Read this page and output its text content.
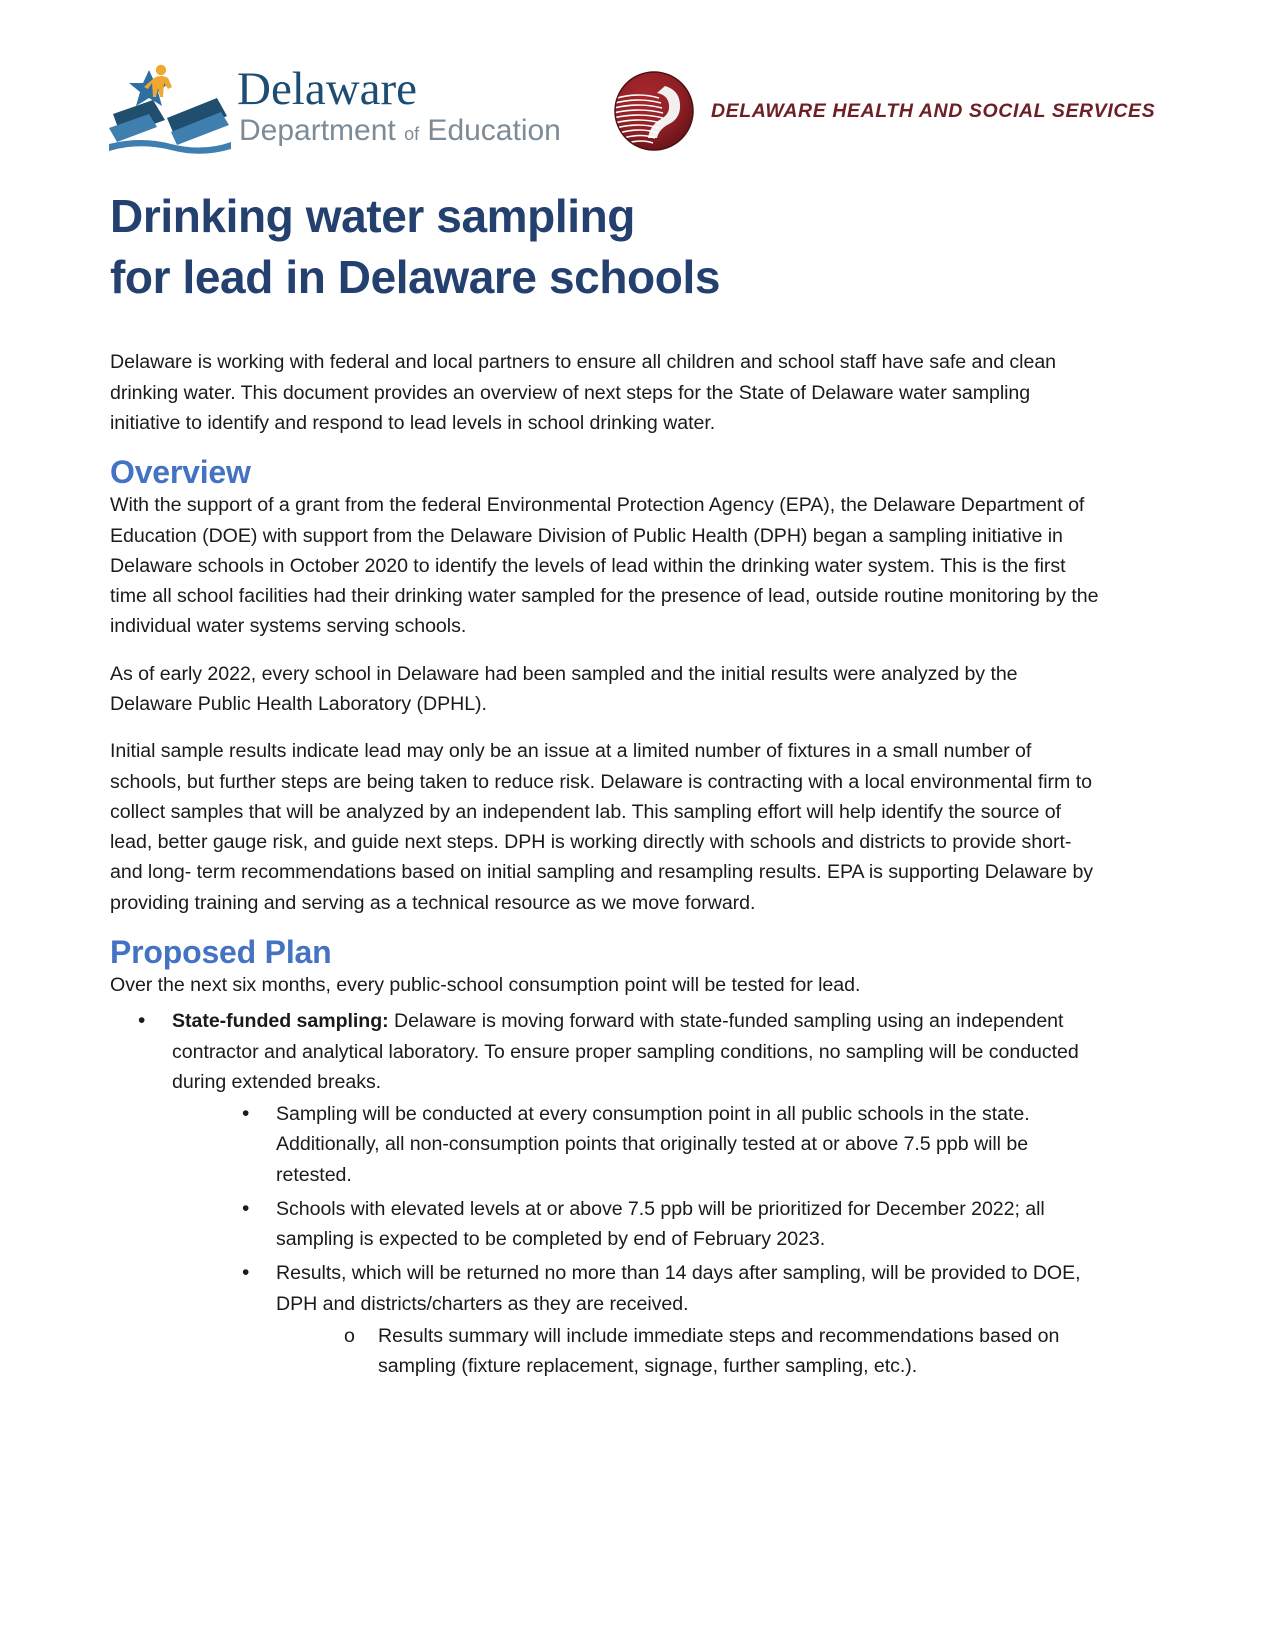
Delaware
Department of Education
DELAWARE HEALTH AND SOCIAL SERVICES
Drinking water sampling
for lead in Delaware schools

Delaware is working with federal and local partners to ensure all children and school staff have safe and clean drinking water. This document provides an overview of next steps for the State of Delaware water sampling initiative to identify and respond to lead levels in school drinking water.

Overview

With the support of a grant from the federal Environmental Protection Agency (EPA), the Delaware Department of Education (DOE) with support from the Delaware Division of Public Health (DPH) began a sampling initiative in Delaware schools in October 2020 to identify the levels of lead within the drinking water system. This is the first time all school facilities had their drinking water sampled for the presence of lead, outside routine monitoring by the individual water systems serving schools.

As of early 2022, every school in Delaware had been sampled and the initial results were analyzed by the Delaware Public Health Laboratory (DPHL).

Initial sample results indicate lead may only be an issue at a limited number of fixtures in a small number of schools, but further steps are being taken to reduce risk. Delaware is contracting with a local environmental firm to collect samples that will be analyzed by an independent lab. This sampling effort will help identify the source of lead, better gauge risk, and guide next steps. DPH is working directly with schools and districts to provide short- and long- term recommendations based on initial sampling and resampling results. EPA is supporting Delaware by providing training and serving as a technical resource as we move forward.

Proposed Plan

Over the next six months, every public-school consumption point will be tested for lead.

•	State-funded sampling: Delaware is moving forward with state-funded sampling using an independent contractor and analytical laboratory. To ensure proper sampling conditions, no sampling will be conducted during extended breaks.
•	Sampling will be conducted at every consumption point in all public schools in the state. Additionally, all non-consumption points that originally tested at or above 7.5 ppb will be retested.
•	Schools with elevated levels at or above 7.5 ppb will be prioritized for December 2022; all sampling is expected to be completed by end of February 2023.
•	Results, which will be returned no more than 14 days after sampling, will be provided to DOE, DPH and districts/charters as they are received.
o	Results summary will include immediate steps and recommendations based on sampling (fixture replacement, signage, further sampling, etc.).
